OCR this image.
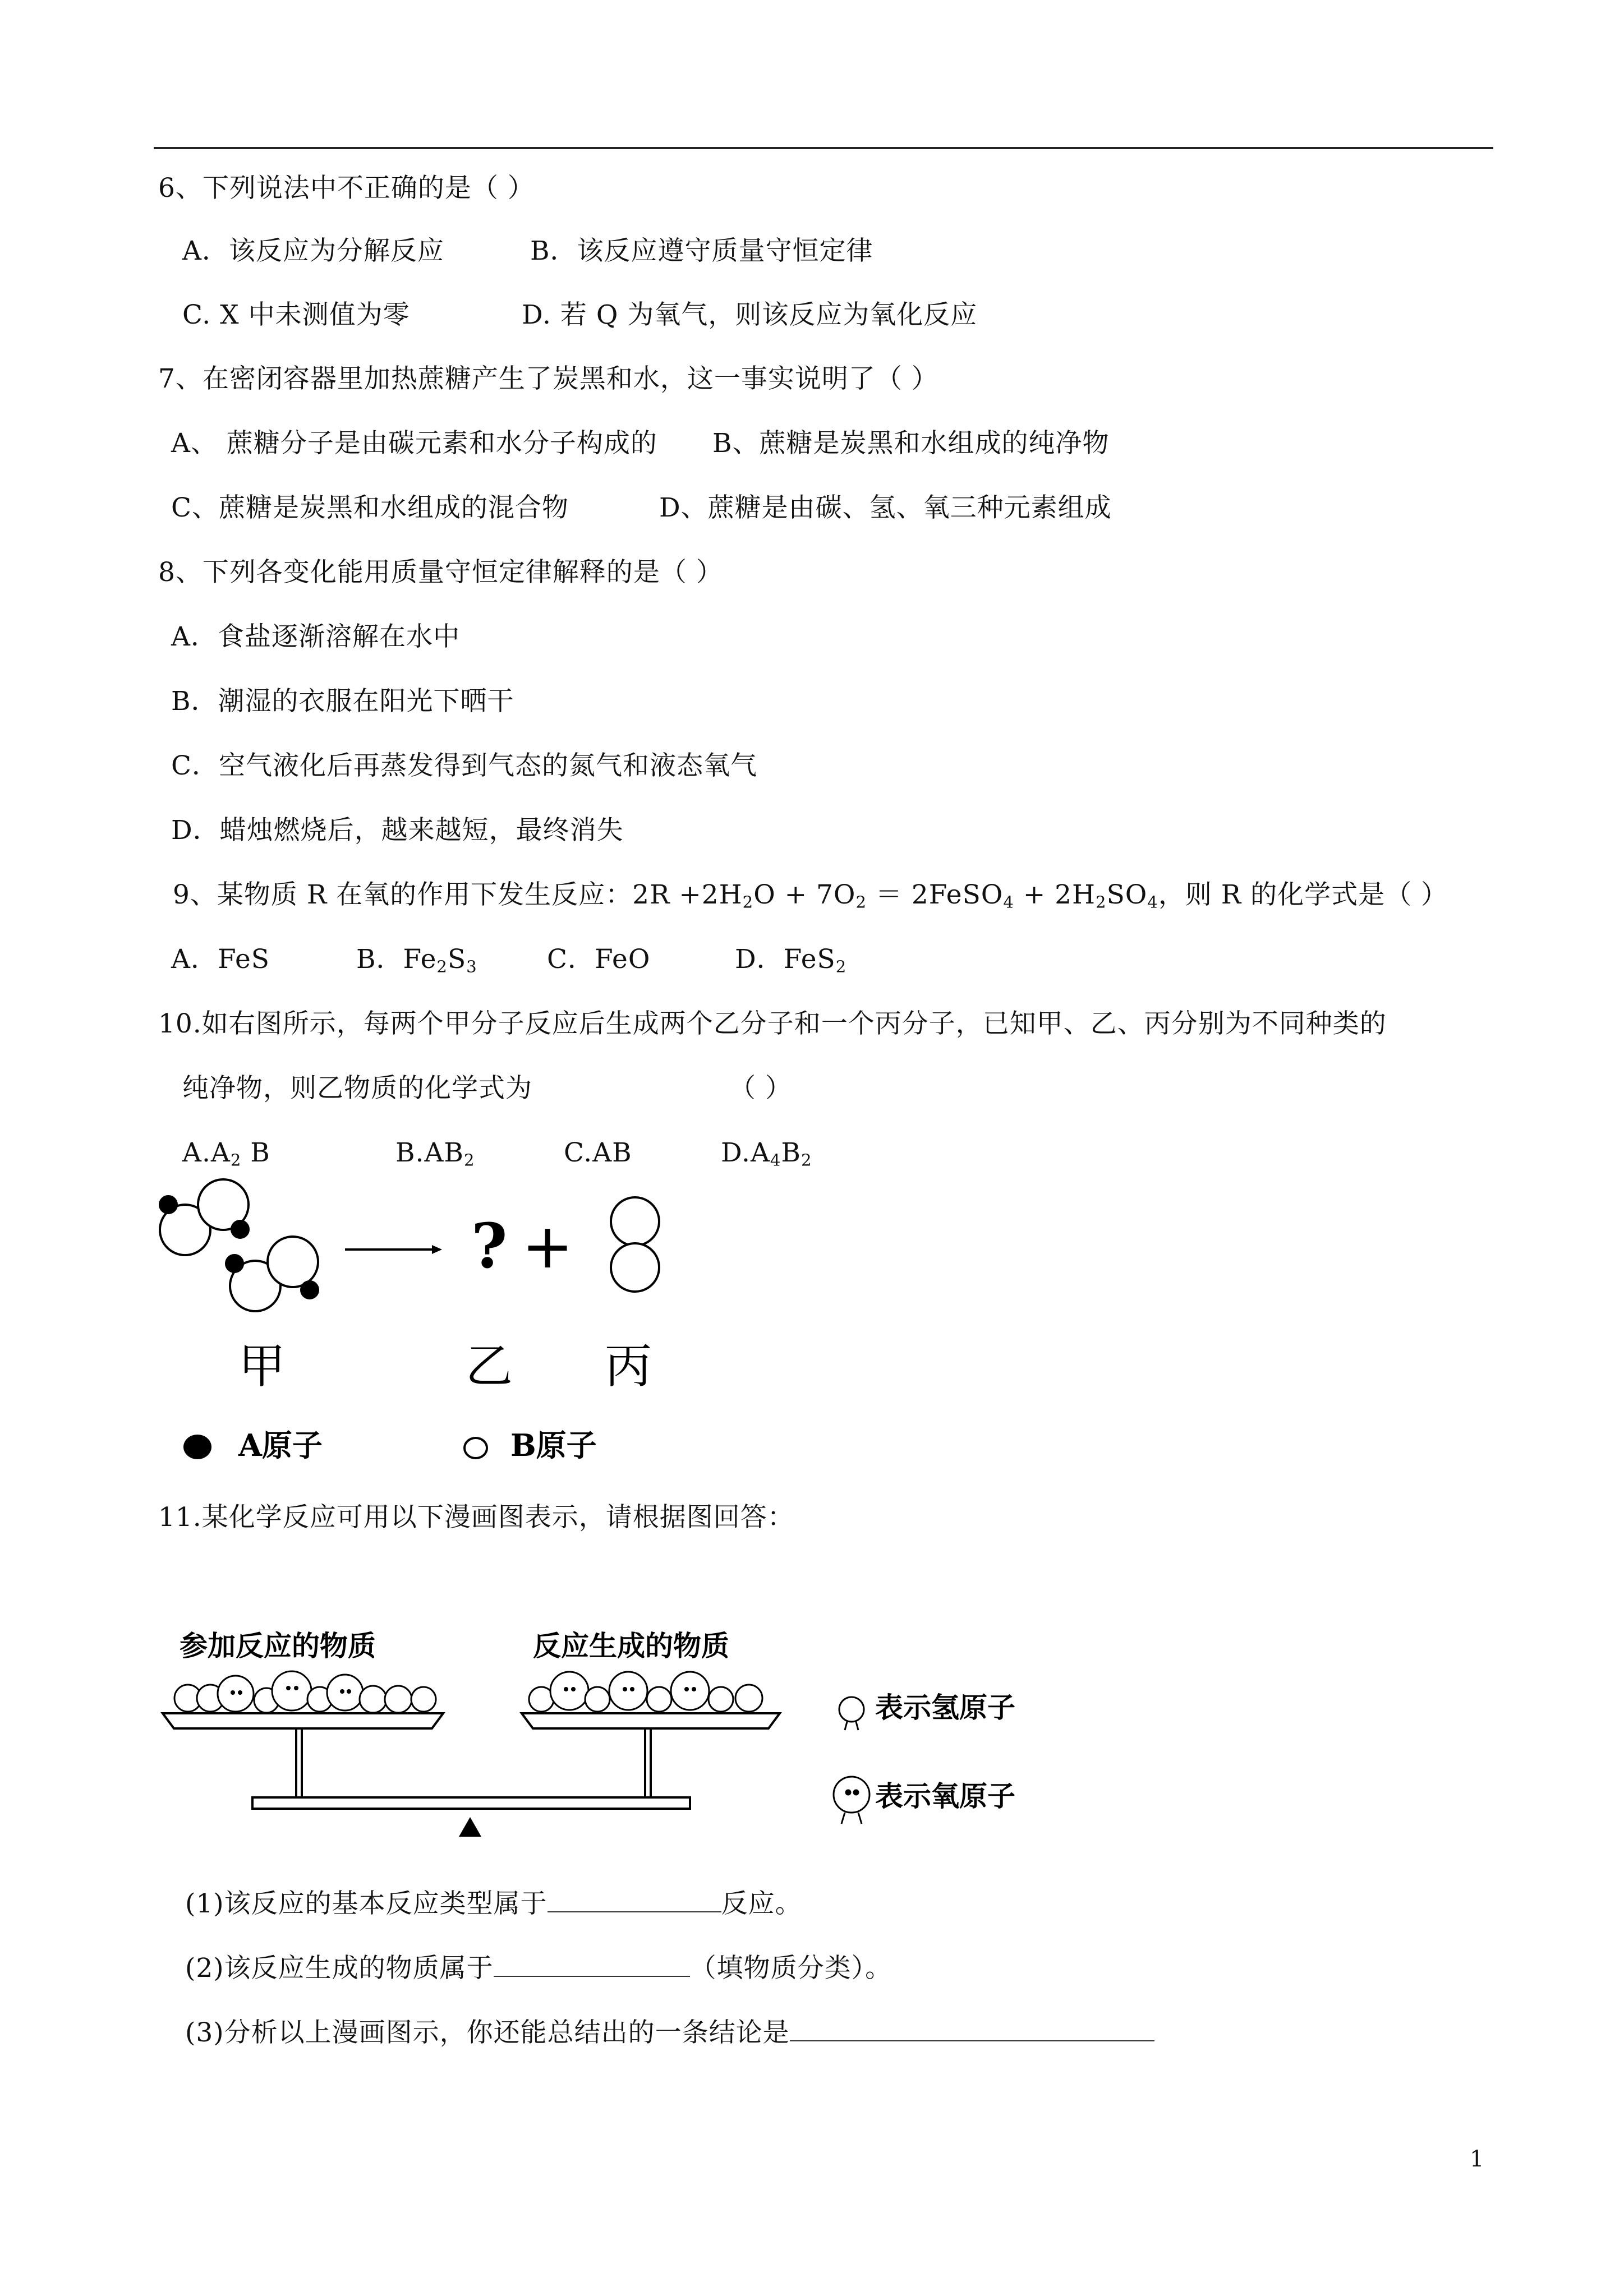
6、下列说法中不正确的是（ ）
A．该反应为分解反应	B．该反应遵守质量守恒定律
C. X 中未测值为零	D. 若 Q 为氧气，则该反应为氧化反应
7、在密闭容器里加热蔗糖产生了炭黑和水，这一事实说明了（ ）
A、 蔗糖分子是由碳元素和水分子构成的 B、蔗糖是炭黑和水组成的纯净物
C、蔗糖是炭黑和水组成的混合物	D、蔗糖是由碳、氢、氧三种元素组成
8、下列各变化能用质量守恒定律解释的是（ ）
A．食盐逐渐溶解在水中
B．潮湿的衣服在阳光下晒干
C．空气液化后再蒸发得到气态的氮气和液态氧气
D．蜡烛燃烧后，越来越短，最终消失
9、某物质 R 在氧的作用下发生反应：$2R +2H_2O + 7O_2$ ＝ 2FeSO$_4$ + $2H_2SO_4$，则 R 的化学式是（ ）
A．FeS	B．$Fe_2S_3$	C．FeO	D．FeS$_2$
10.如右图所示，每两个甲分子反应后生成两个乙分子和一个丙分子，已知甲、乙、丙分别为不同种类的
纯净物，则乙物质的化学式为	（ ）
$A.A_2$ B	$B.AB_2$	C.AB	$D.A_4B_2$
? +
甲	乙 丙
A原子	B原子
11.某化学反应可用以下漫画图表示，请根据图回答：
参加反应的物质	反应生成的物质
表示氢原子
表示氧原子
(1)该反应的基本反应类型属于	反应。
(2)该反应生成的物质属于	（填物质分类）。
(3)分析以上漫画图示，你还能总结出的一条结论是
1
